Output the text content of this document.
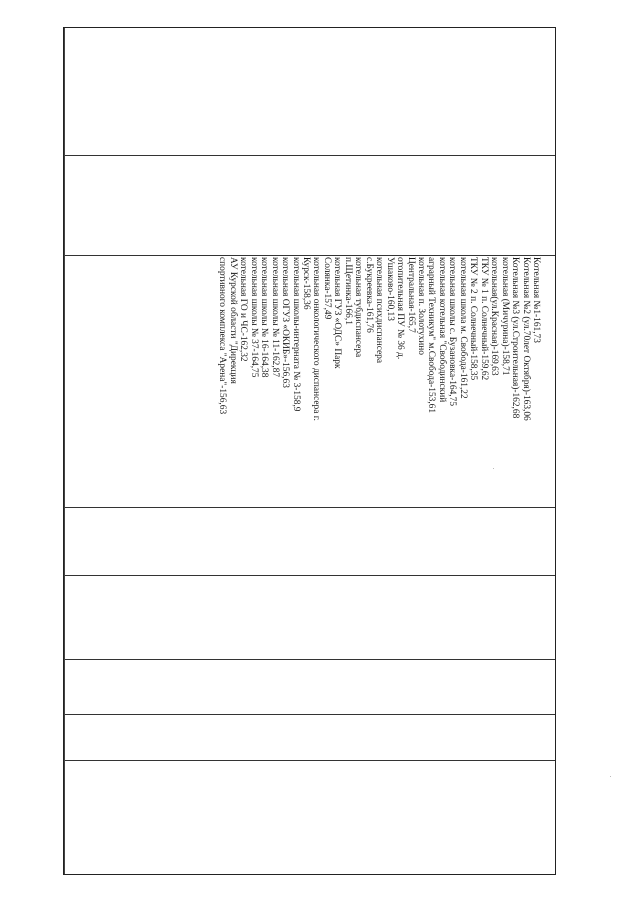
Котельная №1-161,73
Котельная №2 (ул.70лет Октября)-163,06
Котельная №3 (ул.Строительная)-162,68
котельная (Мичурина)-158,71
котельная(ул.Красная)-169,63
ТКУ № 1 п. Солнечный-159,62
ТКУ № 2 п. Солнечный-158,35
котельная школа м. Свобода-161,22
котельная школы с. Бузановка-164,75
котельная котельная "Свободинский аграрный Техникум" м.Свобода-153,61
котельная п. Золотухино Центральная-165,7
отопительная ПУ № 36 д. Ушаково-160,13
котельная психдиспансера с.Букреевка-161,76
котельная тубдиспансера п.Щетинка-166,1
котельная ГУЗ «ОДС» Парк Солянка-157,49
котельная онкологического диспансера г. Курск-158,36
котельная школы-интерната № 3-158,9
котельная ОГУЗ «ОКИБ»-156,63
котельная школы № 11-162,87
котельная школы № 16-164,38
котельная школы № 37-164,75
котельная ГО и ЧС-162,32
АУ Курской области "Дирекция спортивного комплекса "Арена"-156,63
